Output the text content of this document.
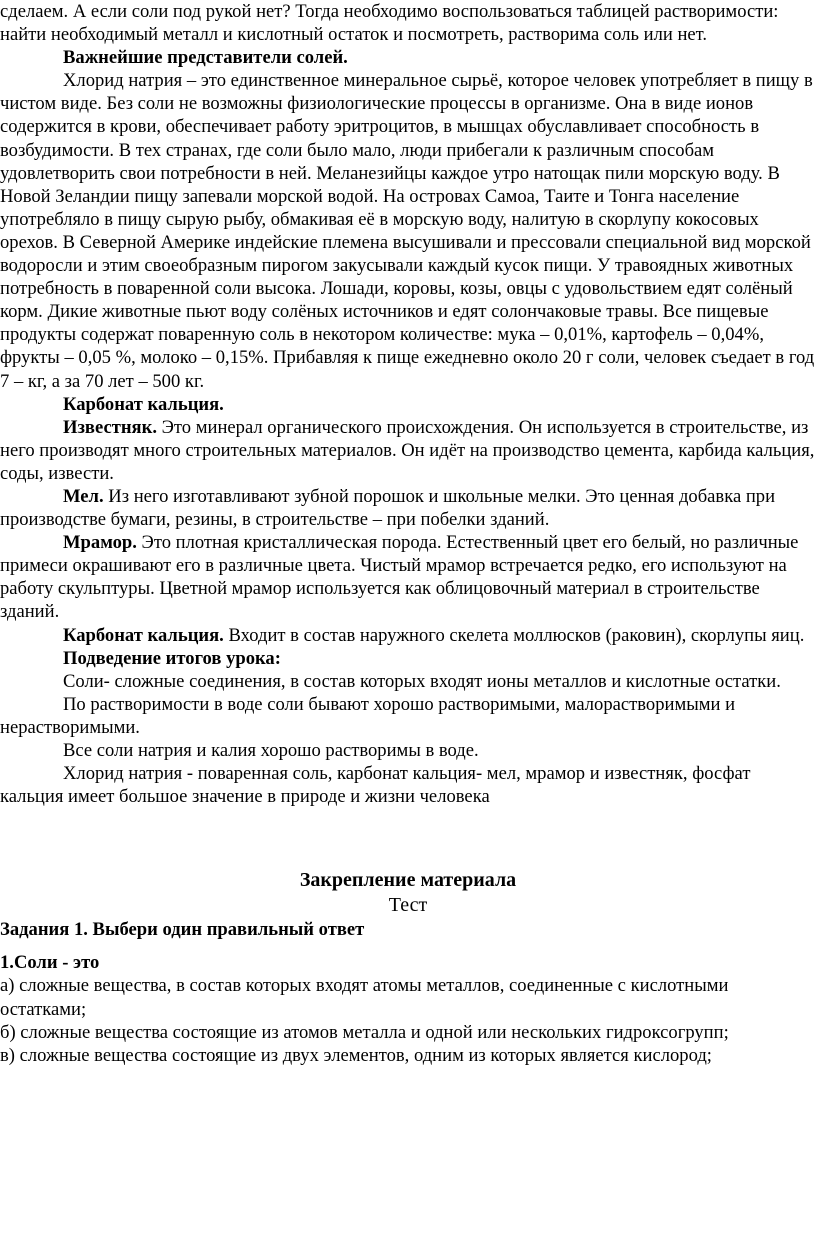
сделаем. А если соли под рукой нет? Тогда необходимо воспользоваться таблицей растворимости: найти необходимый металл и кислотный остаток и посмотреть, растворима соль или нет.

Важнейшие представители солей.

Хлорид натрия – это единственное минеральное сырьё, которое человек употребляет в пищу в чистом виде. Без соли не возможны физиологические процессы в организме. Она в виде ионов содержится в крови, обеспечивает работу эритроцитов, в мышцах обуславливает способность в возбудимости. В тех странах, где соли было мало, люди прибегали к различным способам удовлетворить свои потребности в ней. Меланезийцы каждое утро натощак пили морскую воду. В Новой Зеландии пищу запевали морской водой. На островах Самоа, Таите и Тонга население употребляло в пищу сырую рыбу, обмакивая её в морскую воду, налитую в скорлупу кокосовых орехов. В Северной Америке индейские племена высушивали и прессовали специальной вид морской водоросли и этим своеобразным пирогом закусывали каждый кусок пищи. У травоядных животных потребность в поваренной соли высока. Лошади, коровы, козы, овцы с удовольствием едят солёный корм. Дикие животные пьют воду солёных источников и едят солончаковые травы. Все пищевые продукты содержат поваренную соль в некотором количестве: мука – 0,01%, картофель – 0,04%, фрукты – 0,05 %, молоко – 0,15%. Прибавляя к пище ежедневно около 20 г соли, человек съедает в год 7 – кг, а за 70 лет – 500 кг.

Карбонат кальция.

Известняк. Это минерал органического происхождения. Он используется в строительстве, из него производят много строительных материалов. Он идёт на производство цемента, карбида кальция, соды, извести.

Мел. Из него изготавливают зубной порошок и школьные мелки. Это ценная добавка при производстве бумаги, резины, в строительстве – при побелки зданий.

Мрамор. Это плотная кристаллическая порода. Естественный цвет его белый, но различные примеси окрашивают его в различные цвета. Чистый мрамор встречается редко, его используют на работу скульптуры. Цветной мрамор используется как облицовочный материал в строительстве зданий.

Карбонат кальция. Входит в состав наружного скелета моллюсков (раковин), скорлупы яиц.

Подведение итогов урока:

Соли- сложные соединения, в состав которых входят ионы металлов и кислотные остатки.

По растворимости в воде соли бывают хорошо растворимыми, малорастворимыми и нерастворимыми.

Все соли натрия и калия хорошо растворимы в воде.

Хлорид натрия - поваренная соль, карбонат кальция- мел, мрамор и известняк, фосфат кальция имеет большое значение в природе и жизни человека

Закрепление материала

Тест

Задания 1. Выбери один правильный ответ

1.Соли - это

а) сложные вещества, в состав которых входят атомы металлов, соединенные с кислотными остатками;

б) сложные вещества состоящие из атомов металла и одной или нескольких гидроксогрупп;

в) сложные вещества состоящие из двух элементов, одним из которых является кислород;
